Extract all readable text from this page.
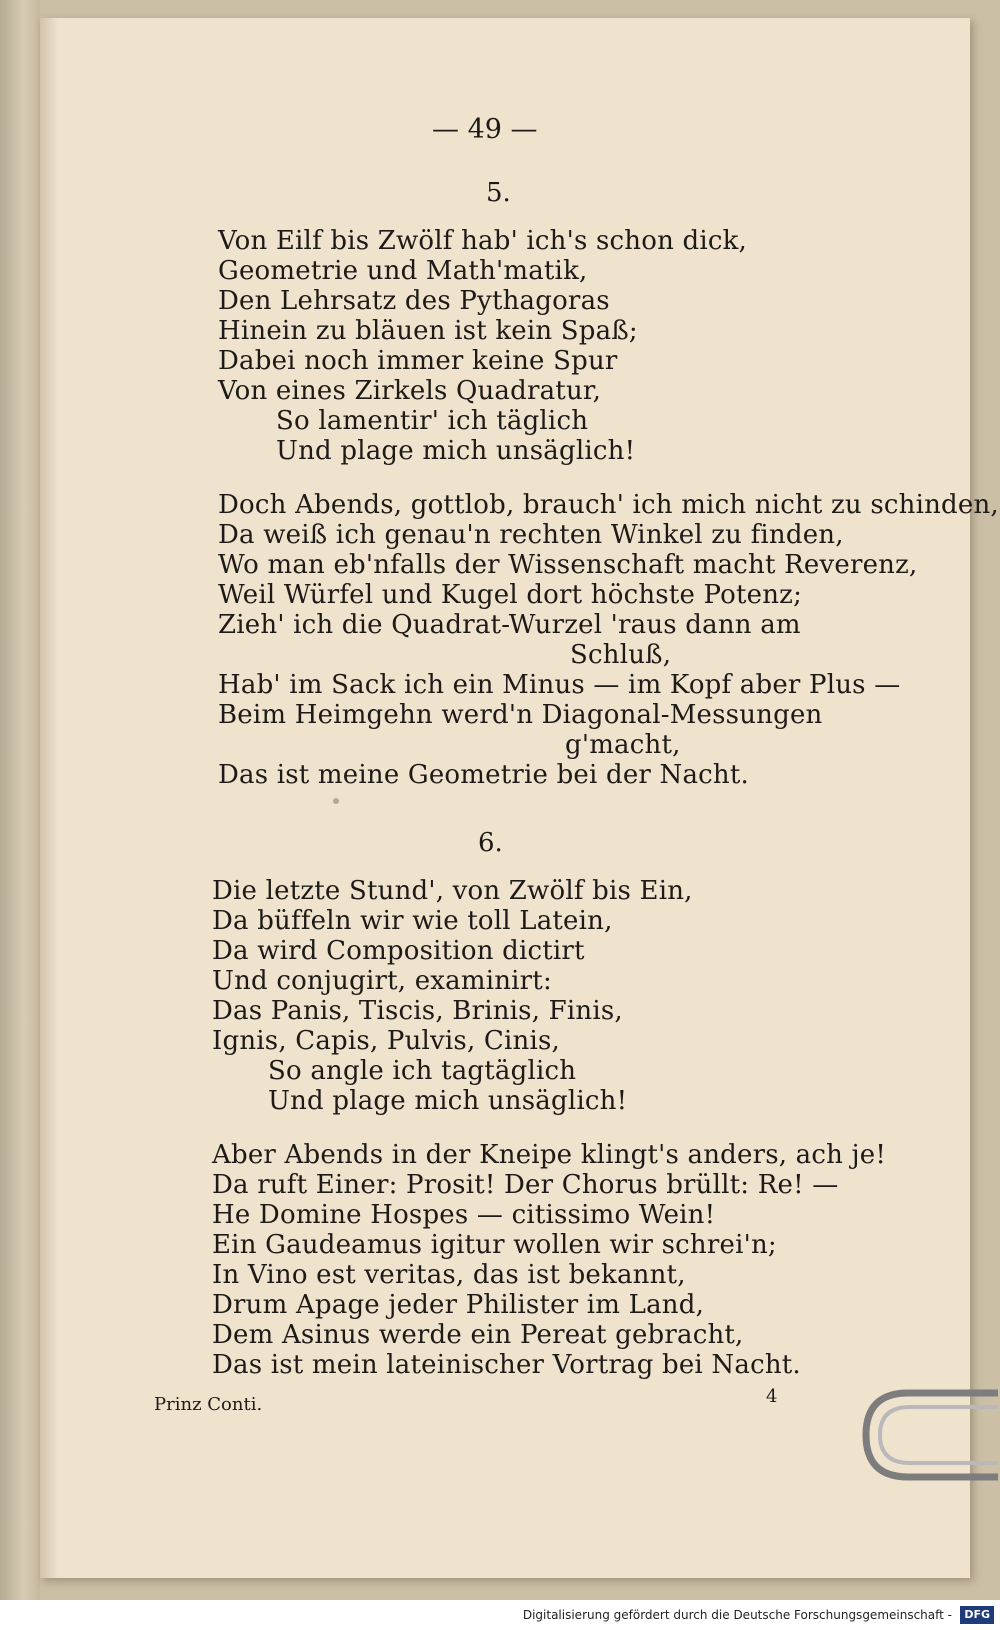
— 49 —
5.
Von Eilf bis Zwölf hab' ich's schon dick,
Geometrie und Math'matik,
Den Lehrsatz des Pythagoras
Hinein zu bläuen ist kein Spaß;
Dabei noch immer keine Spur
Von eines Zirkels Quadratur,
So lamentir' ich täglich
Und plage mich unsäglich!
Doch Abends, gottlob, brauch' ich mich nicht zu schinden,
Da weiß ich genau'n rechten Winkel zu finden,
Wo man eb'nfalls der Wissenschaft macht Reverenz,
Weil Würfel und Kugel dort höchste Potenz;
Zieh' ich die Quadrat-Wurzel 'raus dann am
Schluß,
Hab' im Sack ich ein Minus — im Kopf aber Plus —
Beim Heimgehn werd'n Diagonal-Messungen
g'macht,
Das ist meine Geometrie bei der Nacht.
6.
Die letzte Stund', von Zwölf bis Ein,
Da büffeln wir wie toll Latein,
Da wird Composition dictirt
Und conjugirt, examinirt:
Das Panis, Tiscis, Brinis, Finis,
Ignis, Capis, Pulvis, Cinis,
So angle ich tagtäglich
Und plage mich unsäglich!
Aber Abends in der Kneipe klingt's anders, ach je!
Da ruft Einer: Prosit! Der Chorus brüllt: Re! —
He Domine Hospes — citissimo Wein!
Ein Gaudeamus igitur wollen wir schrei'n;
In Vino est veritas, das ist bekannt,
Drum Apage jeder Philister im Land,
Dem Asinus werde ein Pereat gebracht,
Das ist mein lateinischer Vortrag bei Nacht.
Prinz Conti.	4
Digitalisierung gefördert durch die Deutsche Forschungsgemeinschaft -	DFG
